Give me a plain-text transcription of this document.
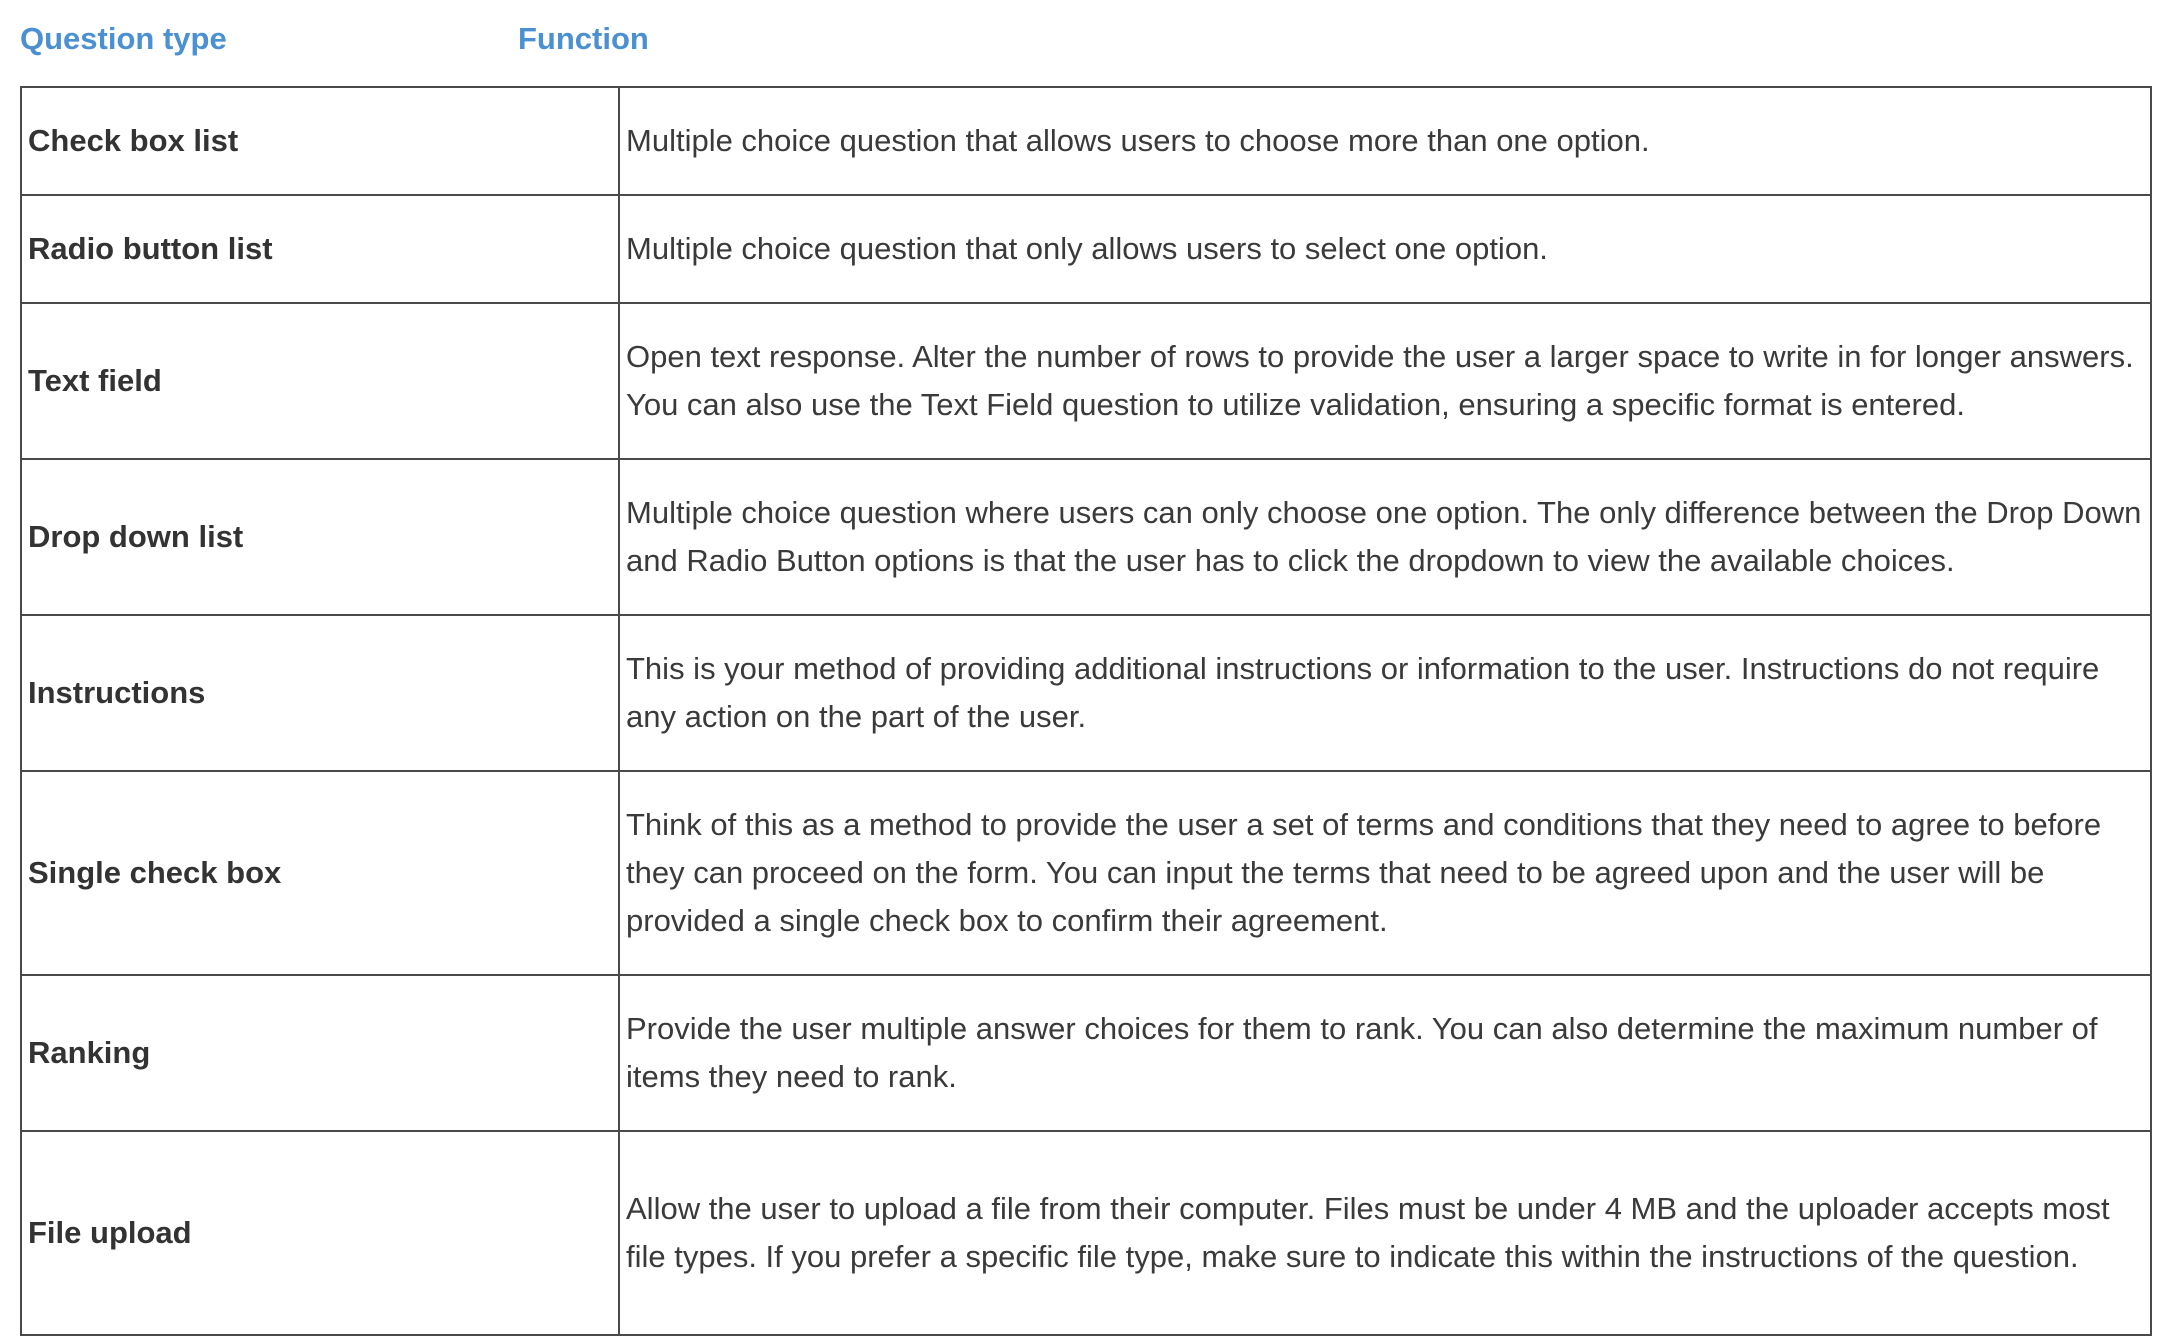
Question type	Function
Check box list	Multiple choice question that allows users to choose more than one option.
Radio button list	Multiple choice question that only allows users to select one option.
Text field	Open text response. Alter the number of rows to provide the user a larger space to write in for longer answers. You can also use the Text Field question to utilize validation, ensuring a specific format is entered.
Drop down list	Multiple choice question where users can only choose one option. The only difference between the Drop Down and Radio Button options is that the user has to click the dropdown to view the available choices.
Instructions	This is your method of providing additional instructions or information to the user. Instructions do not require any action on the part of the user.
Single check box	Think of this as a method to provide the user a set of terms and conditions that they need to agree to before they can proceed on the form. You can input the terms that need to be agreed upon and the user will be provided a single check box to confirm their agreement.
Ranking	Provide the user multiple answer choices for them to rank. You can also determine the maximum number of items they need to rank.
File upload	Allow the user to upload a file from their computer. Files must be under 4 MB and the uploader accepts most file types. If you prefer a specific file type, make sure to indicate this within the instructions of the question.
